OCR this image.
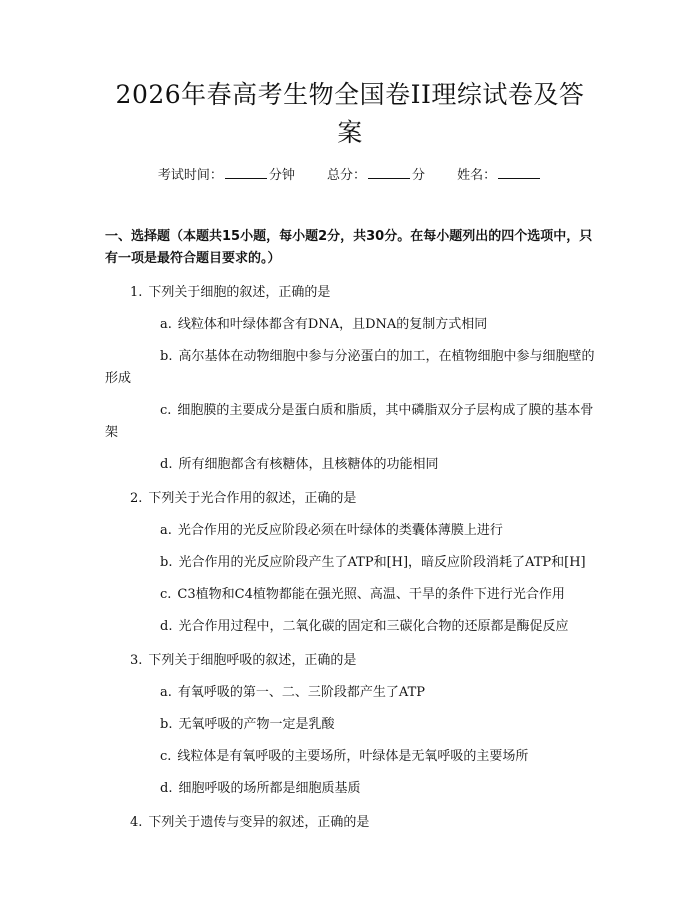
2026年春高考生物全国卷II理综试卷及答案
考试时间：	分钟 总分：	分 姓名：
一、选择题（本题共15小题，每小题2分，共30分。在每小题列出的四个选项中，只有一项是最符合题目要求的。）
1. 下列关于细胞的叙述，正确的是
a. 线粒体和叶绿体都含有DNA，且DNA的复制方式相同
b. 高尔基体在动物细胞中参与分泌蛋白的加工，在植物细胞中参与细胞壁的形成
c. 细胞膜的主要成分是蛋白质和脂质，其中磷脂双分子层构成了膜的基本骨架
d. 所有细胞都含有核糖体，且核糖体的功能相同
2. 下列关于光合作用的叙述，正确的是
a. 光合作用的光反应阶段必须在叶绿体的类囊体薄膜上进行
b. 光合作用的光反应阶段产生了ATP和[H]，暗反应阶段消耗了ATP和[H]
c. C3植物和C4植物都能在强光照、高温、干旱的条件下进行光合作用
d. 光合作用过程中，二氧化碳的固定和三碳化合物的还原都是酶促反应
3. 下列关于细胞呼吸的叙述，正确的是
a. 有氧呼吸的第一、二、三阶段都产生了ATP
b. 无氧呼吸的产物一定是乳酸
c. 线粒体是有氧呼吸的主要场所，叶绿体是无氧呼吸的主要场所
d. 细胞呼吸的场所都是细胞质基质
4. 下列关于遗传与变异的叙述，正确的是
